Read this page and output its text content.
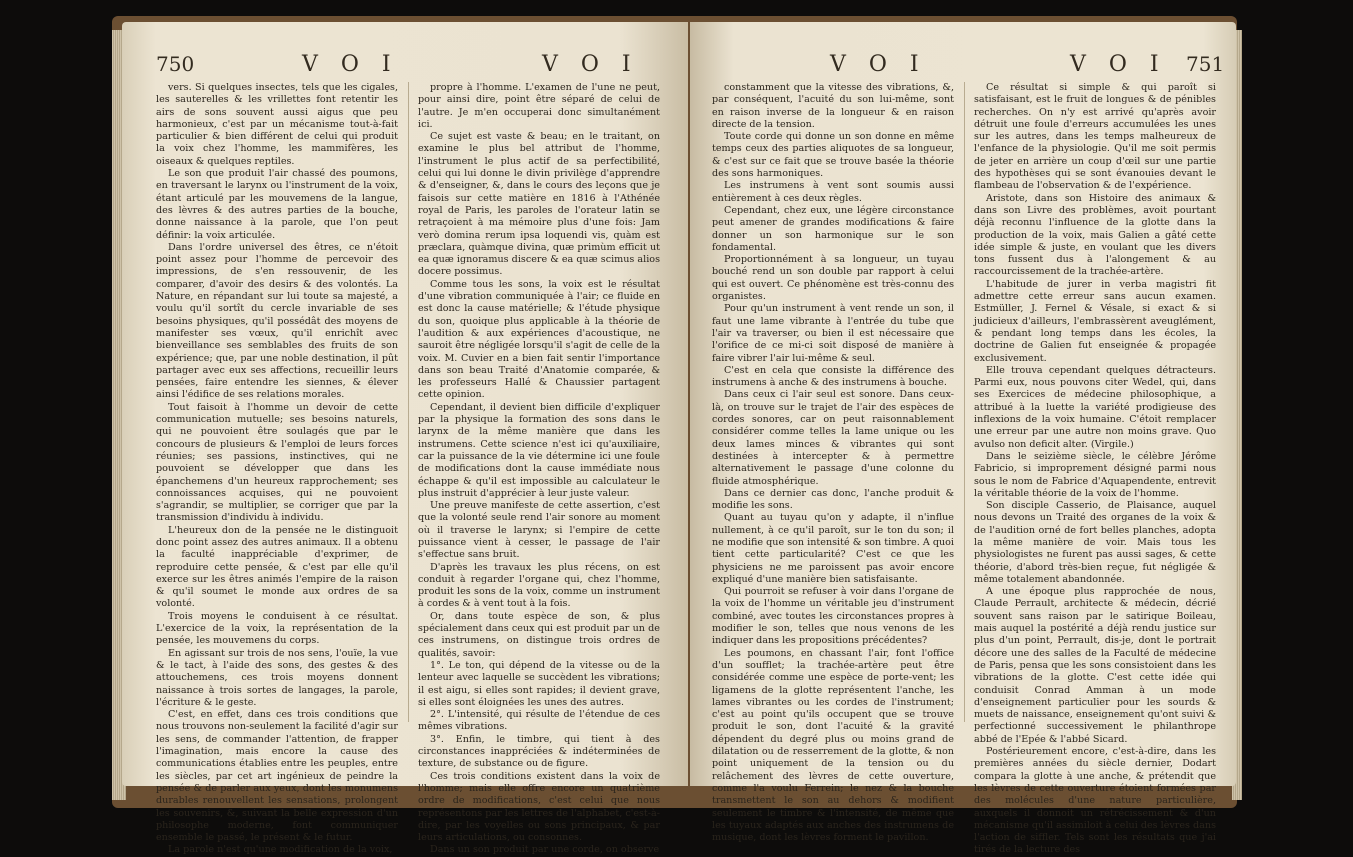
750	V O I	V O I

vers. Si quelques insectes, tels que les cigales, les sauterelles & les vrillettes font retentir les airs de sons souvent aussi aigus que peu harmonieux, c'est par un mécanisme tout-à-fait particulier & bien différent de celui qui produit la voix chez l'homme, les mammifères, les oiseaux & quelques reptiles.

Le son que produit l'air chassé des poumons, en traversant le larynx ou l'instrument de la voix, étant articulé par les mouvemens de la langue, des lèvres & des autres parties de la bouche, donne naissance à la parole, que l'on peut définir: la voix articulée.

Dans l'ordre universel des êtres, ce n'étoit point assez pour l'homme de percevoir des impressions, de s'en ressouvenir, de les comparer, d'avoir des desirs & des volontés. La Nature, en répandant sur lui toute sa majesté, a voulu qu'il sortît du cercle invariable de ses besoins physiques, qu'il possédât des moyens de manifester ses vœux, qu'il enrichît avec bienveillance ses semblables des fruits de son expérience; que, par une noble destination, il pût partager avec eux ses affections, recueillir leurs pensées, faire entendre les siennes, & élever ainsi l'édifice de ses relations morales.

Tout faisoit à l'homme un devoir de cette communication mutuelle; ses besoins naturels, qui ne pouvoient être soulagés que par le concours de plusieurs & l'emploi de leurs forces réunies; ses passions, instinctives, qui ne pouvoient se développer que dans les épanchemens d'un heureux rapprochement; ses connoissances acquises, qui ne pouvoient s'agrandir, se multiplier, se corriger que par la transmission d'individu à individu.

L'heureux don de la pensée ne le distinguoit donc point assez des autres animaux. Il a obtenu la faculté inappréciable d'exprimer, de reproduire cette pensée, & c'est par elle qu'il exerce sur les êtres animés l'empire de la raison & qu'il soumet le monde aux ordres de sa volonté.

Trois moyens le conduisent à ce résultat. L'exercice de la voix, la représentation de la pensée, les mouvemens du corps.

En agissant sur trois de nos sens, l'ouïe, la vue & le tact, à l'aide des sons, des gestes & des attouchemens, ces trois moyens donnent naissance à trois sortes de langages, la parole, l'écriture & le geste.

C'est, en effet, dans ces trois conditions que nous trouvons non-seulement la facilité d'agir sur les sens, de commander l'attention, de frapper l'imagination, mais encore la cause des communications établies entre les peuples, entre les siècles, par cet art ingénieux de peindre la pensée & de parler aux yeux, dont les monumens durables renouvellent les sensations, prolongent les souvenirs, &, suivant la belle expression d'un philosophe moderne, font communiquer ensemble le passé, le présent & le futur.

La parole n'est qu'une modification de la voix,

propre à l'homme. L'examen de l'une ne peut, pour ainsi dire, point être séparé de celui de l'autre. Je m'en occuperai donc simultanément ici.

Ce sujet est vaste & beau; en le traitant, on examine le plus bel attribut de l'homme, l'instrument le plus actif de sa perfectibilité, celui qui lui donne le divin privilège d'apprendre & d'enseigner, &, dans le cours des leçons que je faisois sur cette matière en 1816 à l'Athénée royal de Paris, les paroles de l'orateur latin se retraçoient à ma mémoire plus d'une fois: Jam verò domina rerum ipsa loquendi vis, quàm est præclara, quàmque divina, quæ primùm efficit ut ea quæ ignoramus discere & ea quæ scimus alios docere possimus.

Comme tous les sons, la voix est le résultat d'une vibration communiquée à l'air; ce fluide en est donc la cause matérielle; & l'étude physique du son, quoique plus applicable à la théorie de l'audition & aux expériences d'acoustique, ne sauroit être négligée lorsqu'il s'agit de celle de la voix. M. Cuvier en a bien fait sentir l'importance dans son beau Traité d'Anatomie comparée, & les professeurs Hallé & Chaussier partagent cette opinion.

Cependant, il devient bien difficile d'expliquer par la physique la formation des sons dans le larynx de la même manière que dans les instrumens. Cette science n'est ici qu'auxiliaire, car la puissance de la vie détermine ici une foule de modifications dont la cause immédiate nous échappe & qu'il est impossible au calculateur le plus instruit d'apprécier à leur juste valeur.

Une preuve manifeste de cette assertion, c'est que la volonté seule rend l'air sonore au moment où il traverse le larynx; si l'empire de cette puissance vient à cesser, le passage de l'air s'effectue sans bruit.

D'après les travaux les plus récens, on est conduit à regarder l'organe qui, chez l'homme, produit les sons de la voix, comme un instrument à cordes & à vent tout à la fois.

Or, dans toute espèce de son, & plus spécialement dans ceux qui est produit par un de ces instrumens, on distingue trois ordres de qualités, savoir:

1°. Le ton, qui dépend de la vitesse ou de la lenteur avec laquelle se succèdent les vibrations; il est aigu, si elles sont rapides; il devient grave, si elles sont éloignées les unes des autres.

2°. L'intensité, qui résulte de l'étendue de ces mêmes vibrations.

3°. Enfin, le timbre, qui tient à des circonstances inappréciées & indéterminées de texture, de substance ou de figure.

Ces trois conditions existent dans la voix de l'homme; mais elle offre encore un quatrième ordre de modifications, c'est celui que nous représentons par les lettres de l'alphabet, c'est-à-dire, par les voyelles ou sons principaux, & par leurs articulations, ou consonnes.

Dans un son produit par une corde, on observe

V O I	V O I 751

constamment que la vitesse des vibrations, &, par conséquent, l'acuité du son lui-même, sont en raison inverse de la longueur & en raison directe de la tension.

Toute corde qui donne un son donne en même temps ceux des parties aliquotes de sa longueur, & c'est sur ce fait que se trouve basée la théorie des sons harmoniques.

Les instrumens à vent sont soumis aussi entièrement à ces deux règles.

Cependant, chez eux, une légère circonstance peut amener de grandes modifications & faire donner un son harmonique sur le son fondamental.

Proportionnément à sa longueur, un tuyau bouché rend un son double par rapport à celui qui est ouvert. Ce phénomène est très-connu des organistes.

Pour qu'un instrument à vent rende un son, il faut une lame vibrante à l'entrée du tube que l'air va traverser, ou bien il est nécessaire que l'orifice de ce mi-ci soit disposé de manière à faire vibrer l'air lui-même & seul.

C'est en cela que consiste la différence des instrumens à anche & des instrumens à bouche.

Dans ceux ci l'air seul est sonore. Dans ceux-là, on trouve sur le trajet de l'air des espèces de cordes sonores, car on peut raisonnablement considérer comme telles la lame unique ou les deux lames minces & vibrantes qui sont destinées à intercepter & à permettre alternativement le passage d'une colonne du fluide atmosphérique.

Dans ce dernier cas donc, l'anche produit & modifie les sons.

Quant au tuyau qu'on y adapte, il n'influe nullement, à ce qu'il paroît, sur le ton du son; il ne modifie que son intensité & son timbre. A quoi tient cette particularité? C'est ce que les physiciens ne me paroissent pas avoir encore expliqué d'une manière bien satisfaisante.

Qui pourroit se refuser à voir dans l'organe de la voix de l'homme un véritable jeu d'instrument combiné, avec toutes les circonstances propres à modifier le son, telles que nous venons de les indiquer dans les propositions précédentes?

Les poumons, en chassant l'air, font l'office d'un soufflet; la trachée-artère peut être considérée comme une espèce de porte-vent; les ligamens de la glotte représentent l'anche, les lames vibrantes ou les cordes de l'instrument; c'est au point qu'ils occupent que se trouve produit le son, dont l'acuité & la gravité dépendent du degré plus ou moins grand de dilatation ou de resserrement de la glotte, & non point uniquement de la tension ou du relâchement des lèvres de cette ouverture, comme l'a voulu Ferrein; le nez & la bouche transmettent le son au dehors & modifient seulement le timbre & l'intensité, de même que les tuyaux adaptés aux anches des instrumens de musique, dont les lèvres forment le pavillon.

Ce résultat si simple & qui paroît si satisfaisant, est le fruit de longues & de pénibles recherches. On n'y est arrivé qu'après avoir détruit une foule d'erreurs accumulées les unes sur les autres, dans les temps malheureux de l'enfance de la physiologie. Qu'il me soit permis de jeter en arrière un coup d'œil sur une partie des hypothèses qui se sont évanouies devant le flambeau de l'observation & de l'expérience.

Aristote, dans son Histoire des animaux & dans son Livre des problèmes, avoit pourtant déjà reconnu l'influence de la glotte dans la production de la voix, mais Galien a gâté cette idée simple & juste, en voulant que les divers tons fussent dus à l'alongement & au raccourcissement de la trachée-artère.

L'habitude de jurer in verba magistri fit admettre cette erreur sans aucun examen. Estmüller, J. Fernel & Vésale, si exact & si judicieux d'ailleurs, l'embrassèrent aveuglément, & pendant long temps dans les écoles, la doctrine de Galien fut enseignée & propagée exclusivement.

Elle trouva cependant quelques détracteurs. Parmi eux, nous pouvons citer Wedel, qui, dans ses Exercices de médecine philosophique, a attribué à la luette la variété prodigieuse des inflexions de la voix humaine. C'étoit remplacer une erreur par une autre non moins grave. Quo avulso non deficit alter. (Virgile.)

Dans le seizième siècle, le célèbre Jérôme Fabricio, si improprement désigné parmi nous sous le nom de Fabrice d'Aquapendente, entrevit la véritable théorie de la voix de l'homme.

Son disciple Casserio, de Plaisance, auquel nous devons un Traité des organes de la voix & de l'audition orné de fort belles planches, adopta la même manière de voir. Mais tous les physiologistes ne furent pas aussi sages, & cette théorie, d'abord très-bien reçue, fut négligée & même totalement abandonnée.

A une époque plus rapprochée de nous, Claude Perrault, architecte & médecin, décrié souvent sans raison par le satirique Boileau, mais auquel la postérité a déjà rendu justice sur plus d'un point, Perrault, dis-je, dont le portrait décore une des salles de la Faculté de médecine de Paris, pensa que les sons consistoient dans les vibrations de la glotte. C'est cette idée qui conduisit Conrad Amman à un mode d'enseignement particulier pour les sourds & muets de naissance, enseignement qu'ont suivi & perfectionné successivement le philanthrope abbé de l'Epée & l'abbé Sicard.

Postérieurement encore, c'est-à-dire, dans les premières années du siècle dernier, Dodart compara la glotte à une anche, & prétendit que les lèvres de cette ouverture étoient formées par des molécules d'une nature particulière, auxquels il donnoit un rétrécissement & d'un mécanisme qu'il assimiloit à celui des lèvres dans l'action de siffler. Tels sont les résultats que j'ai tirés de la lecture des
